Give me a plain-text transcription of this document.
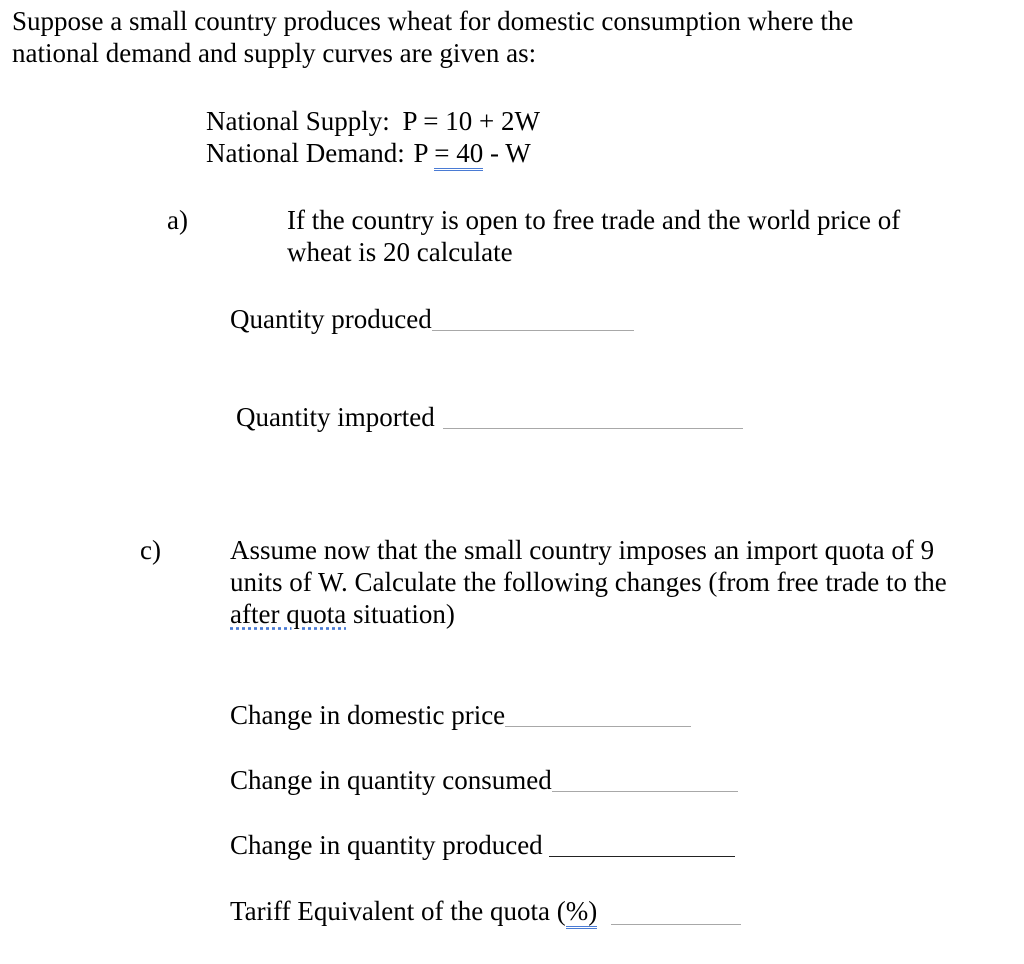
Suppose a small country produces wheat for domestic consumption where the
national demand and supply curves are given as:
National Supply: P = 10 + 2W
National Demand: P = 40 - W
a)	If the country is open to free trade and the world price of
wheat is 20 calculate
Quantity produced
Quantity imported
c)	Assume now that the small country imposes an import quota of 9
units of W. Calculate the following changes (from free trade to the
after quota situation)
Change in domestic price
Change in quantity consumed
Change in quantity produced
Tariff Equivalent of the quota (%)
